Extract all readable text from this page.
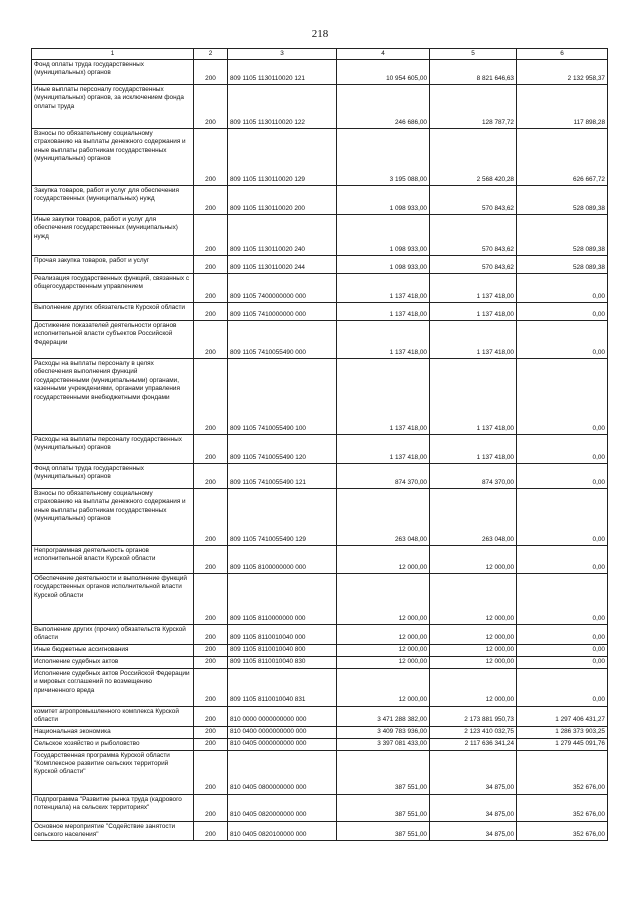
218
1	2	3	4	5	6
Фонд оплаты труда государственных (муниципальных) органов	200	809 1105 1130110020 121	10 954 605,00	8 821 646,63	2 132 958,37
Иные выплаты персоналу государственных (муниципальных) органов, за исключением фонда оплаты труда	200	809 1105 1130110020 122	246 686,00	128 787,72	117 898,28
Взносы по обязательному социальному страхованию на выплаты денежного содержания и иные выплаты работникам государственных (муниципальных) органов	200	809 1105 1130110020 129	3 195 088,00	2 568 420,28	626 667,72
Закупка товаров, работ и услуг для обеспечения государственных (муниципальных) нужд	200	809 1105 1130110020 200	1 098 933,00	570 843,62	528 089,38
Иные закупки товаров, работ и услуг для обеспечения государственных (муниципальных) нужд	200	809 1105 1130110020 240	1 098 933,00	570 843,62	528 089,38
Прочая закупка товаров, работ и услуг	200	809 1105 1130110020 244	1 098 933,00	570 843,62	528 089,38
Реализация государственных функций, связанных с общегосударственным управлением	200	809 1105 7400000000 000	1 137 418,00	1 137 418,00	0,00
Выполнение других обязательств Курской области	200	809 1105 7410000000 000	1 137 418,00	1 137 418,00	0,00
Достижение показателей деятельности органов исполнительной власти субъектов Российской Федерации	200	809 1105 7410055490 000	1 137 418,00	1 137 418,00	0,00
Расходы на выплаты персоналу в целях обеспечения выполнения функций государственными (муниципальными) органами, казенными учреждениями, органами управления государственными внебюджетными фондами	200	809 1105 7410055490 100	1 137 418,00	1 137 418,00	0,00
Расходы на выплаты персоналу государственных (муниципальных) органов	200	809 1105 7410055490 120	1 137 418,00	1 137 418,00	0,00
Фонд оплаты труда государственных (муниципальных) органов	200	809 1105 7410055490 121	874 370,00	874 370,00	0,00
Взносы по обязательному социальному страхованию на выплаты денежного содержания и иные выплаты работникам государственных (муниципальных) органов	200	809 1105 7410055490 129	263 048,00	263 048,00	0,00
Непрограммная деятельность органов исполнительной власти Курской области	200	809 1105 8100000000 000	12 000,00	12 000,00	0,00
Обеспечение деятельности и выполнение функций государственных органов исполнительной власти Курской области	200	809 1105 8110000000 000	12 000,00	12 000,00	0,00
Выполнение других (прочих) обязательств Курской области	200	809 1105 8110010040 000	12 000,00	12 000,00	0,00
Иные бюджетные ассигнования	200	809 1105 8110010040 800	12 000,00	12 000,00	0,00
Исполнение судебных актов	200	809 1105 8110010040 830	12 000,00	12 000,00	0,00
Исполнение судебных актов Российской Федерации и мировых соглашений по возмещению причиненного вреда	200	809 1105 8110010040 831	12 000,00	12 000,00	0,00
комитет агропромышленного комплекса Курской области	200	810 0000 0000000000 000	3 471 288 382,00	2 173 881 950,73	1 297 406 431,27
Национальная экономика	200	810 0400 0000000000 000	3 409 783 936,00	2 123 410 032,75	1 286 373 903,25
Сельское хозяйство и рыболовство	200	810 0405 0000000000 000	3 397 081 433,00	2 117 636 341,24	1 279 445 091,76
Государственная программа Курской области "Комплексное развитие сельских территорий Курской области"	200	810 0405 0800000000 000	387 551,00	34 875,00	352 676,00
Подпрограмма "Развитие рынка труда (кадрового потенциала) на сельских территориях"	200	810 0405 0820000000 000	387 551,00	34 875,00	352 676,00
Основное мероприятие "Содействие занятости сельского населения"	200	810 0405 0820100000 000	387 551,00	34 875,00	352 676,00
